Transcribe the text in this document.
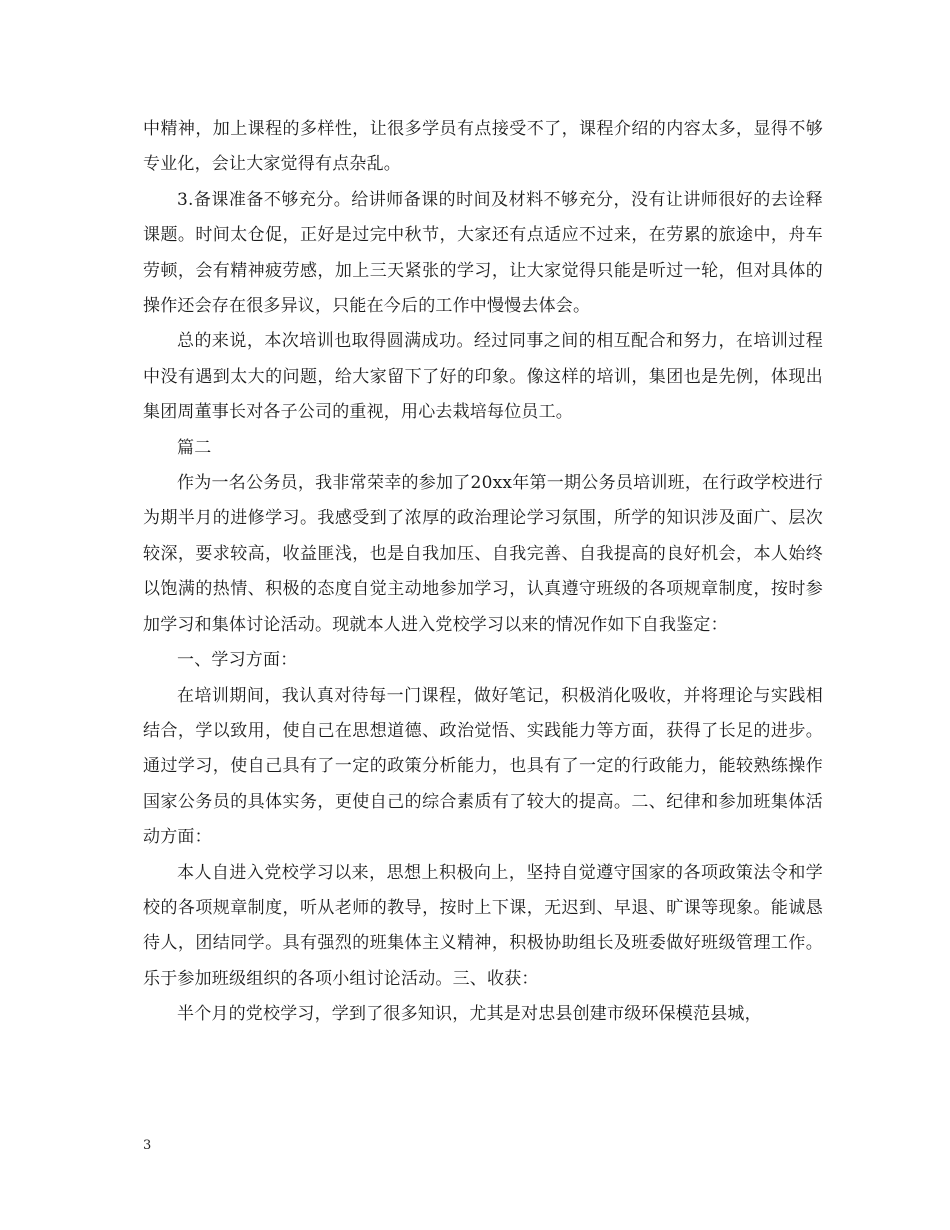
中精神，加上课程的多样性，让很多学员有点接受不了，课程介绍的内容太多，显得不够专业化，会让大家觉得有点杂乱。

3.备课准备不够充分。给讲师备课的时间及材料不够充分，没有让讲师很好的去诠释课题。时间太仓促，正好是过完中秋节，大家还有点适应不过来，在劳累的旅途中，舟车劳顿，会有精神疲劳感，加上三天紧张的学习，让大家觉得只能是听过一轮，但对具体的操作还会存在很多异议，只能在今后的工作中慢慢去体会。

总的来说，本次培训也取得圆满成功。经过同事之间的相互配合和努力，在培训过程中没有遇到太大的问题，给大家留下了好的印象。像这样的培训，集团也是先例，体现出集团周董事长对各子公司的重视，用心去栽培每位员工。

篇二

作为一名公务员，我非常荣幸的参加了20xx年第一期公务员培训班，在行政学校进行为期半月的进修学习。我感受到了浓厚的政治理论学习氛围，所学的知识涉及面广、层次较深，要求较高，收益匪浅，也是自我加压、自我完善、自我提高的良好机会，本人始终以饱满的热情、积极的态度自觉主动地参加学习，认真遵守班级的各项规章制度，按时参加学习和集体讨论活动。现就本人进入党校学习以来的情况作如下自我鉴定：

一、学习方面：

在培训期间，我认真对待每一门课程，做好笔记，积极消化吸收，并将理论与实践相结合，学以致用，使自己在思想道德、政治觉悟、实践能力等方面，获得了长足的进步。通过学习，使自己具有了一定的政策分析能力，也具有了一定的行政能力，能较熟练操作国家公务员的具体实务，更使自己的综合素质有了较大的提高。二、纪律和参加班集体活动方面：

本人自进入党校学习以来，思想上积极向上，坚持自觉遵守国家的各项政策法令和学校的各项规章制度，听从老师的教导，按时上下课，无迟到、早退、旷课等现象。能诚恳待人，团结同学。具有强烈的班集体主义精神，积极协助组长及班委做好班级管理工作。乐于参加班级组织的各项小组讨论活动。三、收获：

半个月的党校学习，学到了很多知识，尤其是对忠县创建市级环保模范县城，

3
